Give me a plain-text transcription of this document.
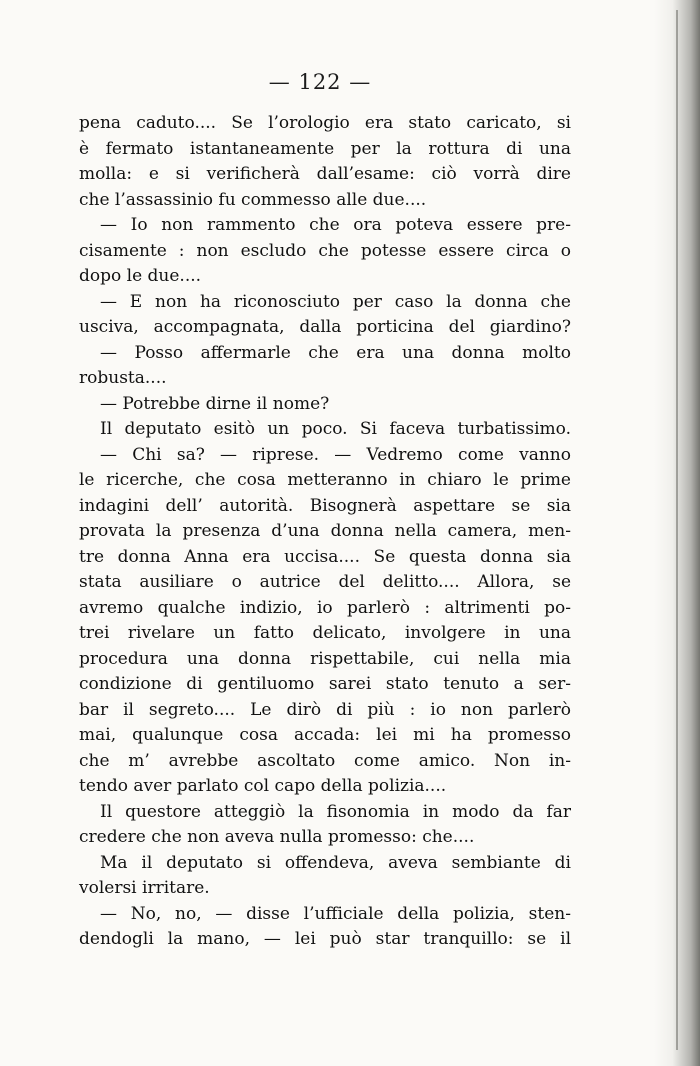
— 122 —
pena caduto.... Se l’orologio era stato caricato, si
è fermato istantaneamente per la rottura di una
molla: e si verificherà dall’esame: ciò vorrà dire
che l’assassinio fu commesso alle due....
— Io non rammento che ora poteva essere pre-
cisamente : non escludo che potesse essere circa o
dopo le due....
— E non ha riconosciuto per caso la donna che
usciva, accompagnata, dalla porticina del giardino?
— Posso affermarle che era una donna molto
robusta....
— Potrebbe dirne il nome?
Il deputato esitò un poco. Si faceva turbatissimo.
— Chi sa? — riprese. — Vedremo come vanno
le ricerche, che cosa metteranno in chiaro le prime
indagini dell’ autorità. Bisognerà aspettare se sia
provata la presenza d’una donna nella camera, men-
tre donna Anna era uccisa.... Se questa donna sia
stata ausiliare o autrice del delitto.... Allora, se
avremo qualche indizio, io parlerò : altrimenti po-
trei rivelare un fatto delicato, involgere in una
procedura una donna rispettabile, cui nella mia
condizione di gentiluomo sarei stato tenuto a ser-
bar il segreto.... Le dirò di più : io non parlerò
mai, qualunque cosa accada: lei mi ha promesso
che m’ avrebbe ascoltato come amico. Non in-
tendo aver parlato col capo della polizia....
Il questore atteggiò la fisonomia in modo da far
credere che non aveva nulla promesso: che....
Ma il deputato si offendeva, aveva sembiante di
volersi irritare.
— No, no, — disse l’ufficiale della polizia, sten-
dendogli la mano, — lei può star tranquillo: se il
